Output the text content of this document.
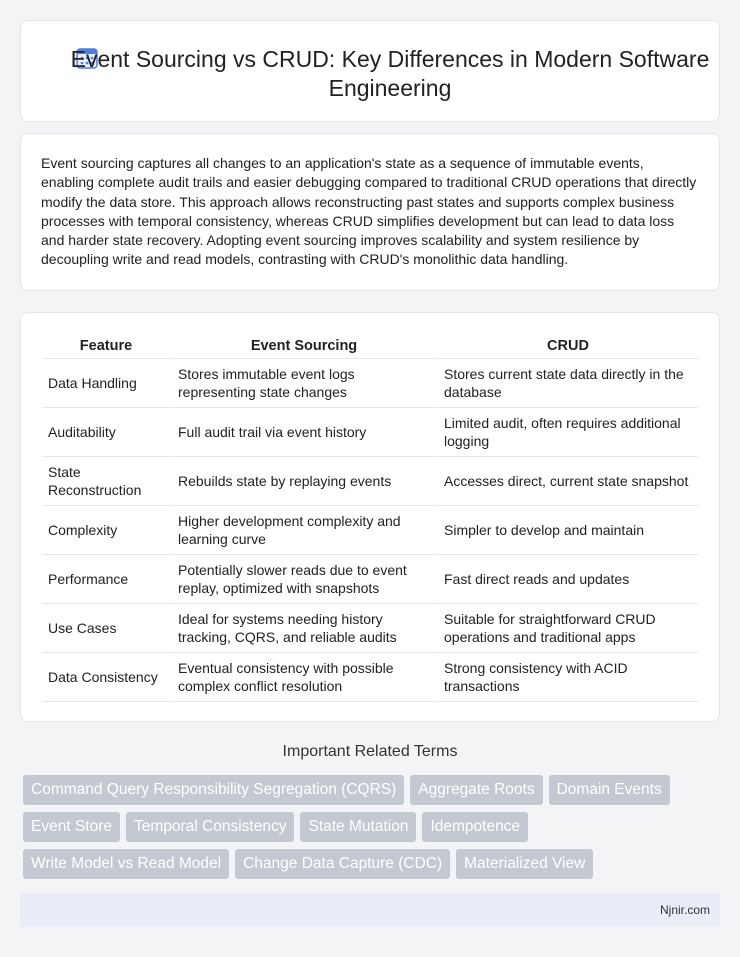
Event Sourcing vs CRUD: Key Differences in Modern Software Engineering

Event sourcing captures all changes to an application's state as a sequence of immutable events, enabling complete audit trails and easier debugging compared to traditional CRUD operations that directly modify the data store. This approach allows reconstructing past states and supports complex business processes with temporal consistency, whereas CRUD simplifies development but can lead to data loss and harder state recovery. Adopting event sourcing improves scalability and system resilience by decoupling write and read models, contrasting with CRUD's monolithic data handling.

Feature	Event Sourcing	CRUD
Data Handling	Stores immutable event logs representing state changes	Stores current state data directly in the database
Auditability	Full audit trail via event history	Limited audit, often requires additional logging
State Reconstruction	Rebuilds state by replaying events	Accesses direct, current state snapshot
Complexity	Higher development complexity and learning curve	Simpler to develop and maintain
Performance	Potentially slower reads due to event replay, optimized with snapshots	Fast direct reads and updates
Use Cases	Ideal for systems needing history tracking, CQRS, and reliable audits	Suitable for straightforward CRUD operations and traditional apps
Data Consistency	Eventual consistency with possible complex conflict resolution	Strong consistency with ACID transactions
Important Related Terms
Command Query Responsibility Segregation (CQRS)	Aggregate Roots	Domain Events
Event Store	Temporal Consistency	State Mutation	Idempotence
Write Model vs Read Model	Change Data Capture (CDC)	Materialized View
Njnir.com
